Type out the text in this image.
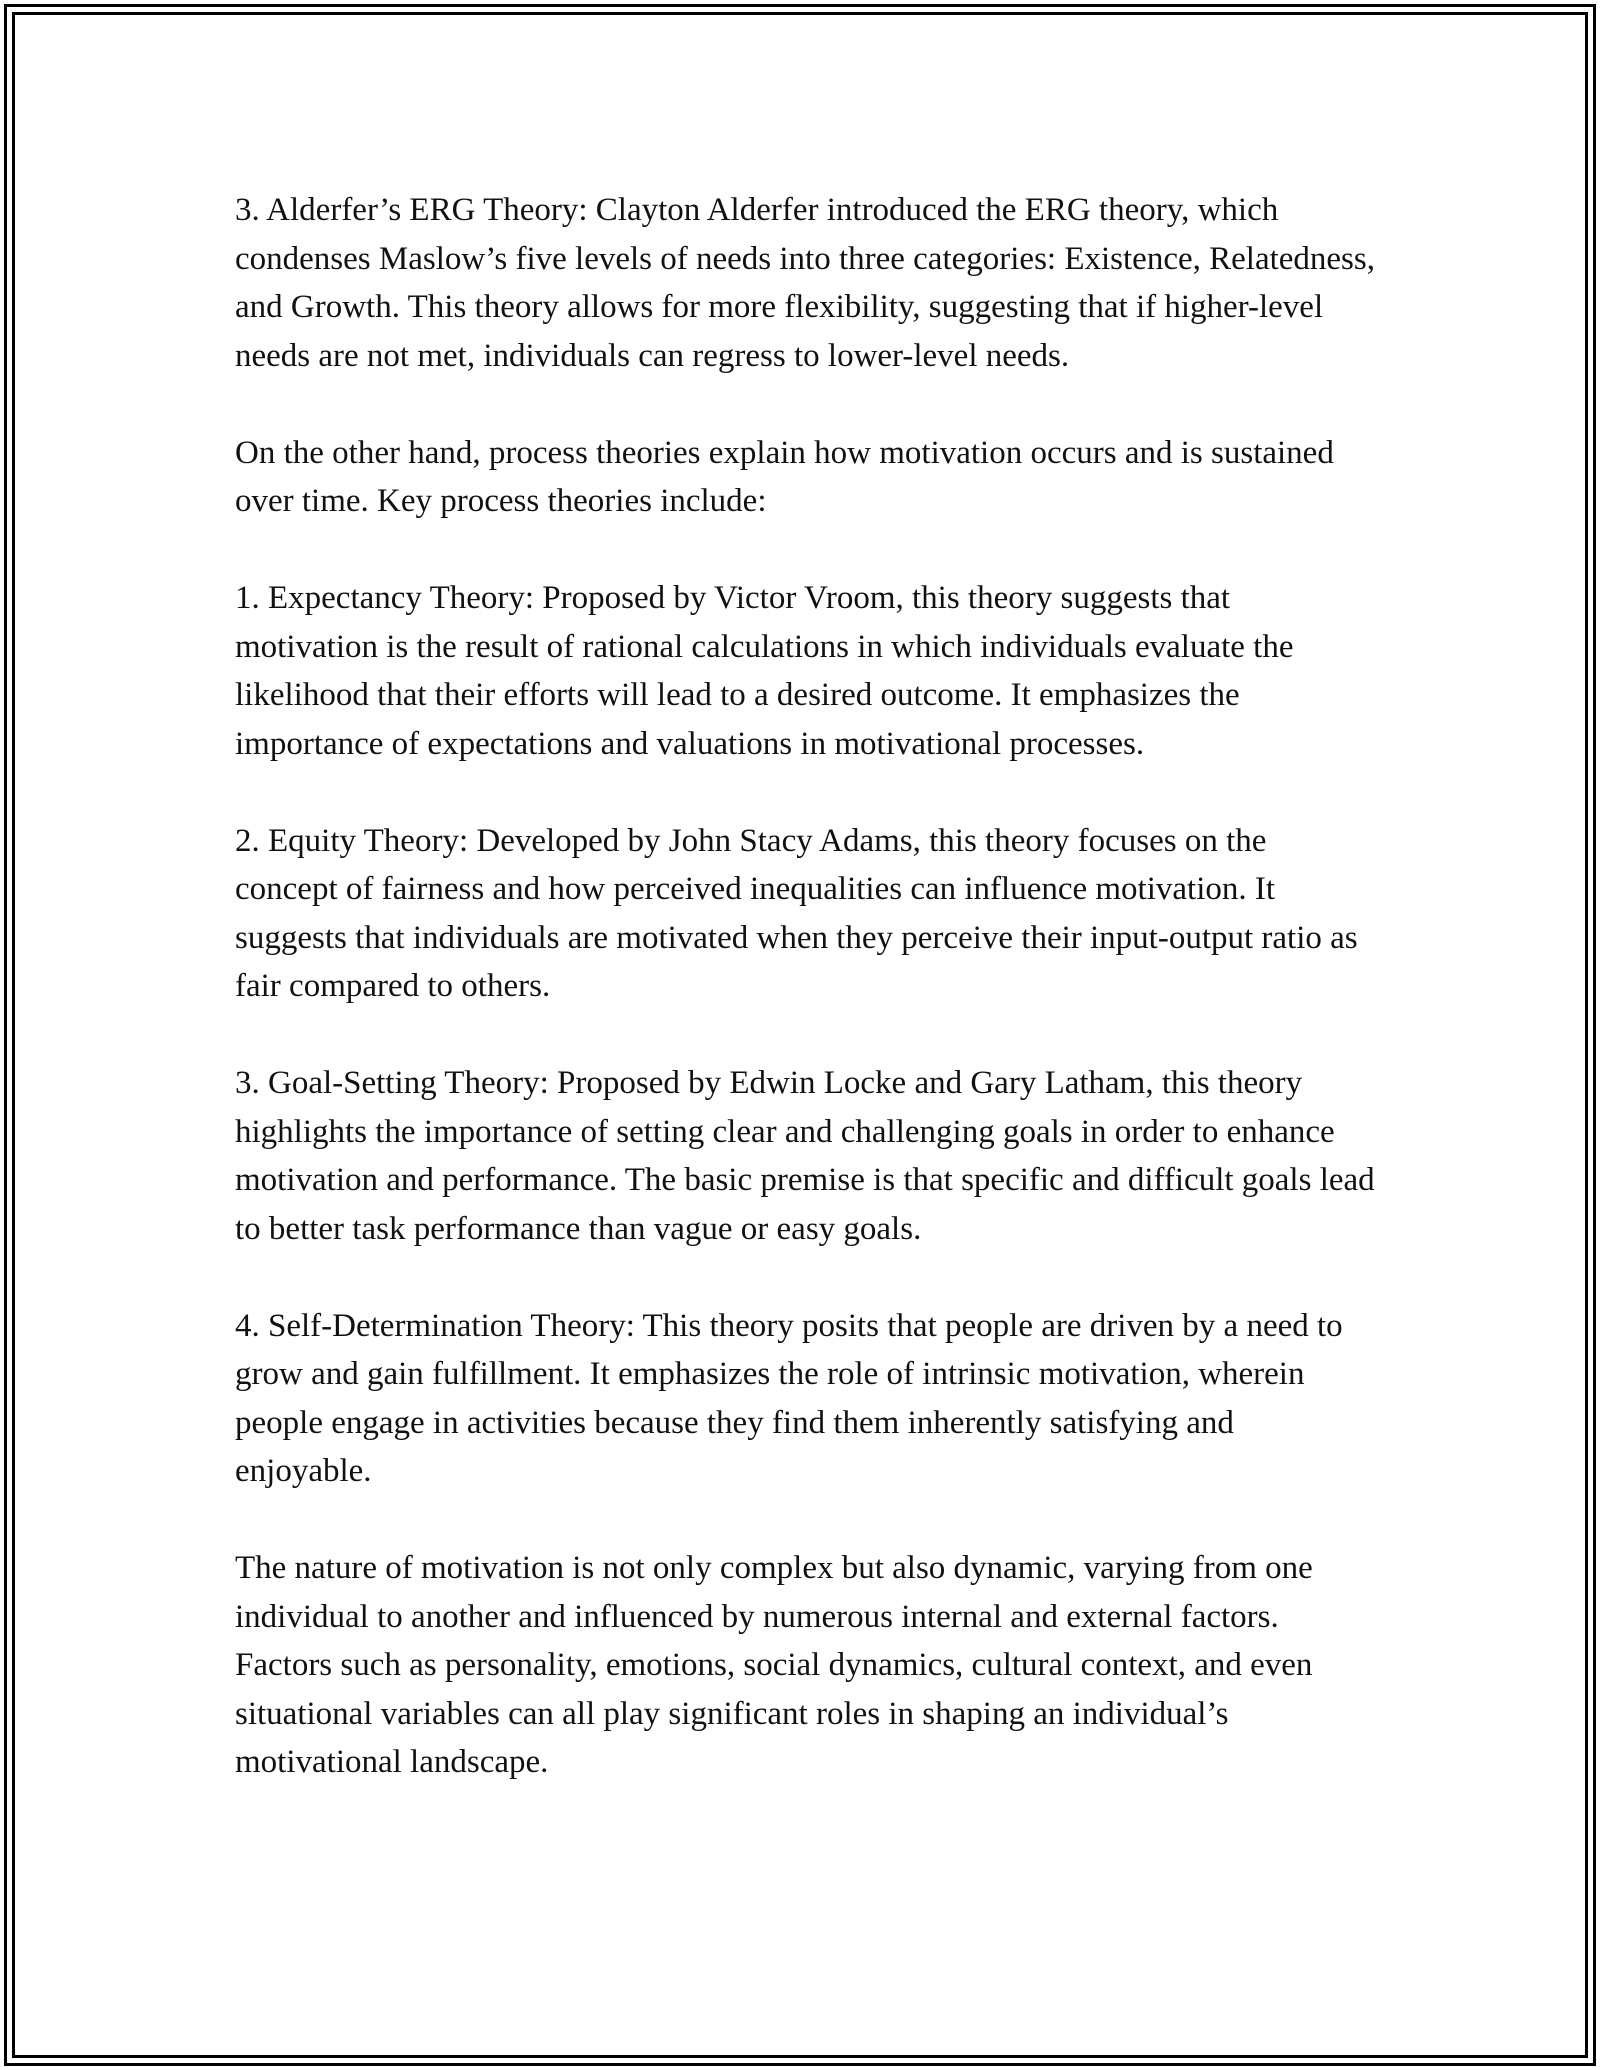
3. Alderfer’s ERG Theory: Clayton Alderfer introduced the ERG theory, which condenses Maslow’s five levels of needs into three categories: Existence, Relatedness, and Growth. This theory allows for more flexibility, suggesting that if higher-level needs are not met, individuals can regress to lower-level needs.

On the other hand, process theories explain how motivation occurs and is sustained over time. Key process theories include:

1. Expectancy Theory: Proposed by Victor Vroom, this theory suggests that motivation is the result of rational calculations in which individuals evaluate the likelihood that their efforts will lead to a desired outcome. It emphasizes the importance of expectations and valuations in motivational processes.

2. Equity Theory: Developed by John Stacy Adams, this theory focuses on the concept of fairness and how perceived inequalities can influence motivation. It suggests that individuals are motivated when they perceive their input-output ratio as fair compared to others.

3. Goal-Setting Theory: Proposed by Edwin Locke and Gary Latham, this theory highlights the importance of setting clear and challenging goals in order to enhance motivation and performance. The basic premise is that specific and difficult goals lead to better task performance than vague or easy goals.

4. Self-Determination Theory: This theory posits that people are driven by a need to grow and gain fulfillment. It emphasizes the role of intrinsic motivation, wherein people engage in activities because they find them inherently satisfying and enjoyable.

The nature of motivation is not only complex but also dynamic, varying from one individual to another and influenced by numerous internal and external factors. Factors such as personality, emotions, social dynamics, cultural context, and even situational variables can all play significant roles in shaping an individual’s motivational landscape.
